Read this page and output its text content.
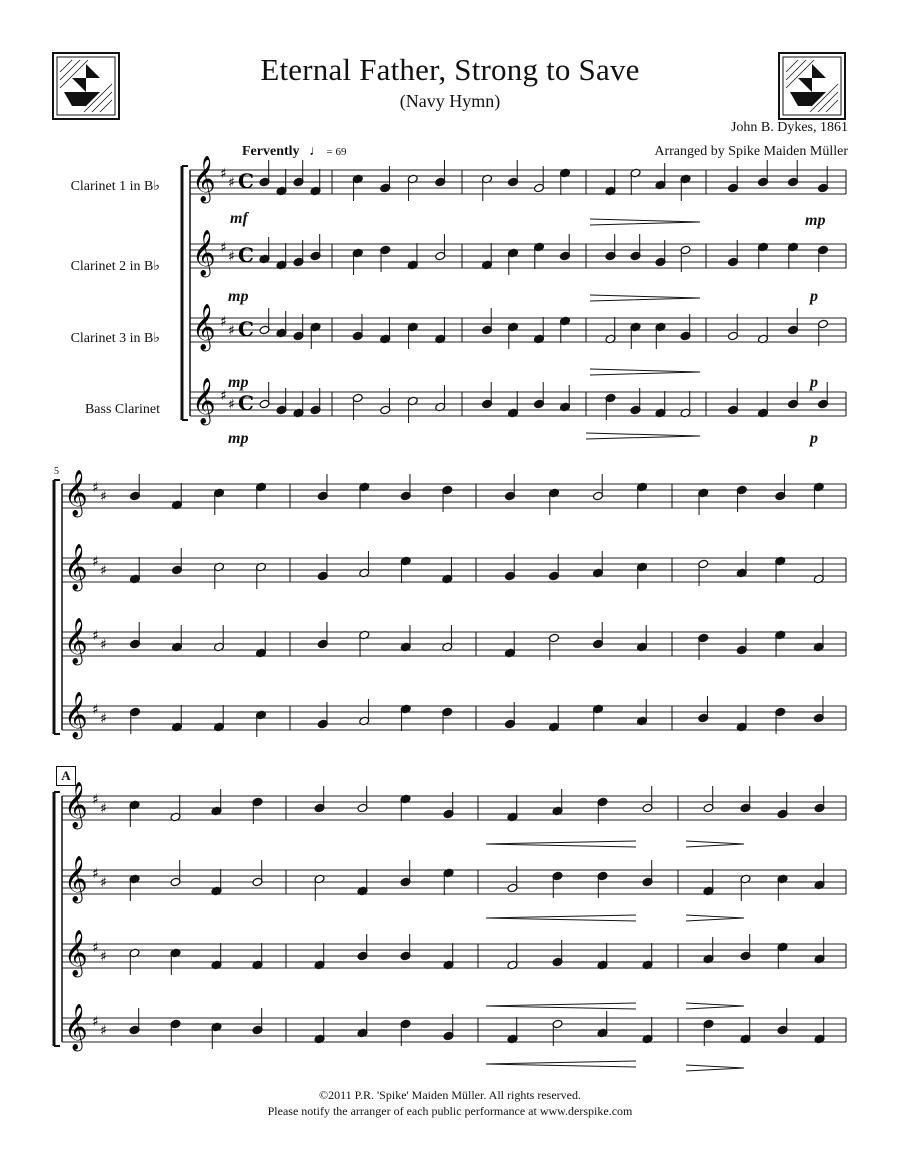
Eternal Father, Strong to Save
(Navy Hymn)
John B. Dykes, 1861
Arranged by Spike Maiden Müller
Fervently ♩ = 69
Clarinet 1 in B♭
Clarinet 2 in B♭
Clarinet 3 in B♭
Bass Clarinet
5
A
mf
mp
mp
mp
mp
p
p
p
𝄞 ♯
♯ C
𝄞 ♯
♯ C
𝄞 ♯
♯ C
𝄞 ♯
♯ C
𝄞 ♯
♯
𝄞 ♯
♯
𝄞 ♯
♯
𝄞 ♯
♯
𝄞 ♯
♯
𝄞 ♯
♯
𝄞 ♯
♯
𝄞 ♯
♯
©2011 P.R. 'Spike' Maiden Müller. All rights reserved.
Please notify the arranger of each public performance at www.derspike.com
